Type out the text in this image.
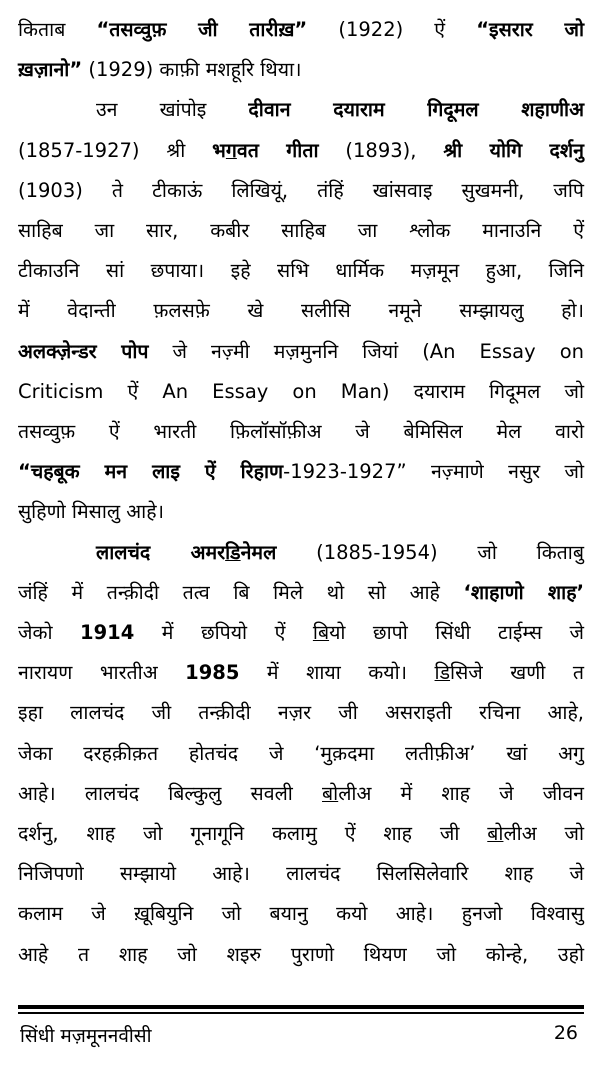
किताब “तसव्वुफ़ जी तारीख़” (1922) ऐं “इसरार जो
ख़ज़ानो” (1929) काफ़ी मशहूरि थिया।
उन खांपोइ दीवान दयाराम गिदूमल शहाणीअ
(1857-1927) श्री भगवत गीता (1893), श्री योगि दर्शनु
(1903) ते टीकाऊं लिखियूं, तंहिं खांसवाइ सुखमनी, जपि
साहिब जा सार, कबीर साहिब जा श्लोक मानाउनि ऐं
टीकाउनि सां छपाया। इहे सभि धार्मिक मज़मून हुआ, जिनि
में वेदान्ती फ़लसफ़े खे सलीसि नमूने सम्झायलु हो।
अलक्ज़ेन्डर पोप जे नज़्मी मज़मुननि जियां (An Essay on
Criticism ऐं An Essay on Man) दयाराम गिदूमल जो
तसव्वुफ़ ऐं भारती फ़िलॉसॉफ़ीअ जे बेमिसिल मेल वारो
“चहबूक मन लाइ ऐं रिहाण-1923-1927” नज़्माणे नसुर जो
सुहिणो मिसालु आहे।
लालचंद अमरडिनेमल (1885-1954) जो किताबु
जंहिं में तन्क़ीदी तत्व बि मिले थो सो आहे ‘शाहाणो शाह’
जेको 1914 में छपियो ऐं बियो छापो सिंधी टाईम्स जे
नारायण भारतीअ 1985 में शाया कयो। डिसिजे खणी त
इहा लालचंद जी तन्क़ीदी नज़र जी असराइती रचिना आहे,
जेका दरहक़ीक़त होतचंद जे ‘मुक़दमा लतीफ़ीअ’ खां अगु
आहे। लालचंद बिल्कुलु सवली बोलीअ में शाह जे जीवन
दर्शनु, शाह जो गूनागूनि कलामु ऐं शाह जी बोलीअ जो
निजिपणो सम्झायो आहे। लालचंद सिलसिलेवारि शाह जे
कलाम जे ख़ूबियुनि जो बयानु कयो आहे। हुनजो विश्वासु
आहे त शाह जो शइरु पुराणो थियण जो कोन्हे, उहो
सिंधी मज़मूननवीसी	26
